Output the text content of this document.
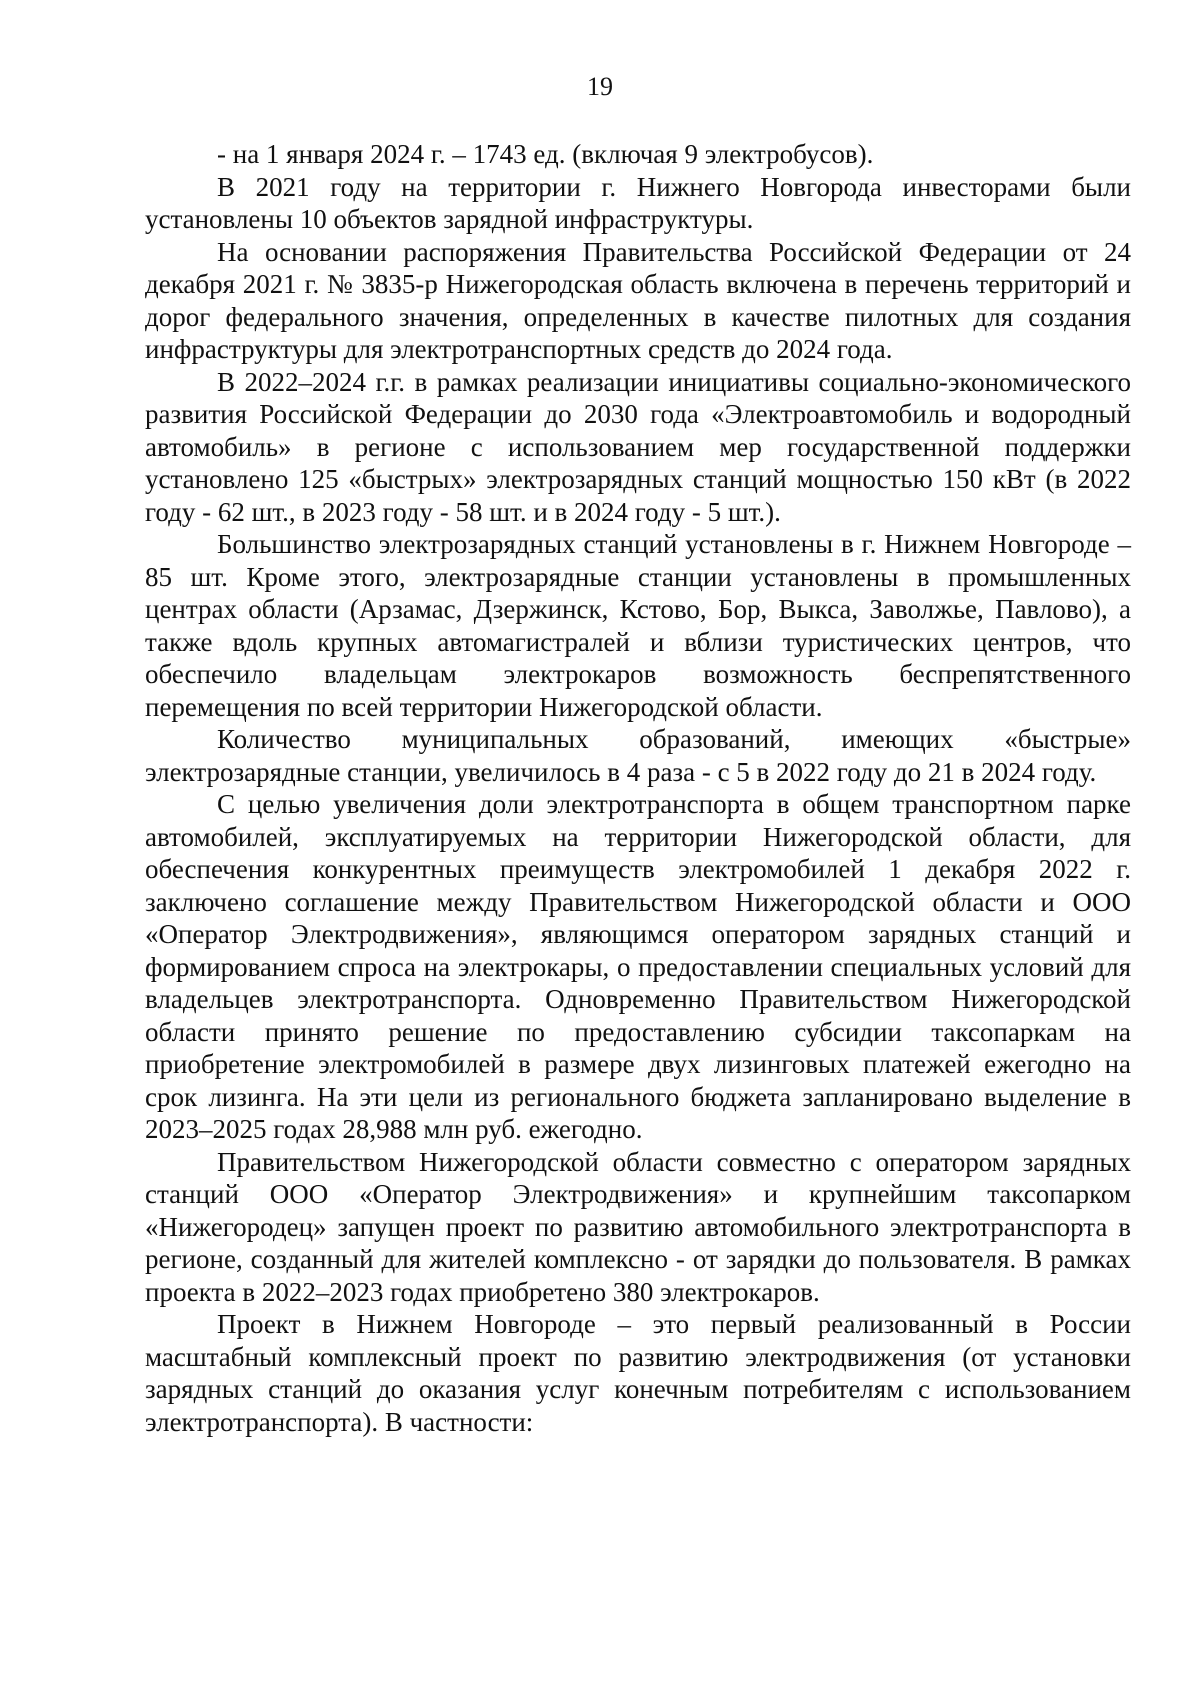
19

- на 1 января 2024 г. – 1743 ед. (включая 9 электробусов).

В 2021 году на территории г. Нижнего Новгорода инвесторами были установлены 10 объектов зарядной инфраструктуры.

На основании распоряжения Правительства Российской Федерации от 24 декабря 2021 г. № 3835-р Нижегородская область включена в перечень территорий и дорог федерального значения, определенных в качестве пилотных для создания инфраструктуры для электротранспортных средств до 2024 года.

В 2022–2024 г.г. в рамках реализации инициативы социально-экономического развития Российской Федерации до 2030 года «Электроавтомобиль и водородный автомобиль» в регионе с использованием мер государственной поддержки установлено 125 «быстрых» электрозарядных станций мощностью 150 кВт (в 2022 году - 62 шт., в 2023 году - 58 шт. и в 2024 году - 5 шт.).

Большинство электрозарядных станций установлены в г. Нижнем Новгороде – 85 шт. Кроме этого, электрозарядные станции установлены в промышленных центрах области (Арзамас, Дзержинск, Кстово, Бор, Выкса, Заволжье, Павлово), а также вдоль крупных автомагистралей и вблизи туристических центров, что обеспечило владельцам электрокаров возможность беспрепятственного перемещения по всей территории Нижегородской области.

Количество муниципальных образований, имеющих «быстрые» электрозарядные станции, увеличилось в 4 раза - с 5 в 2022 году до 21 в 2024 году.

С целью увеличения доли электротранспорта в общем транспортном парке автомобилей, эксплуатируемых на территории Нижегородской области, для обеспечения конкурентных преимуществ электромобилей 1 декабря 2022 г. заключено соглашение между Правительством Нижегородской области и ООО «Оператор Электродвижения», являющимся оператором зарядных станций и формированием спроса на электрокары, о предоставлении специальных условий для владельцев электротранспорта. Одновременно Правительством Нижегородской области принято решение по предоставлению субсидии таксопаркам на приобретение электромобилей в размере двух лизинговых платежей ежегодно на срок лизинга. На эти цели из регионального бюджета запланировано выделение в 2023–2025 годах 28,988 млн руб. ежегодно.

Правительством Нижегородской области совместно с оператором зарядных станций ООО «Оператор Электродвижения» и крупнейшим таксопарком «Нижегородец» запущен проект по развитию автомобильного электротранспорта в регионе, созданный для жителей комплексно - от зарядки до пользователя. В рамках проекта в 2022–2023 годах приобретено 380 электрокаров.

Проект в Нижнем Новгороде – это первый реализованный в России масштабный комплексный проект по развитию электродвижения (от установки зарядных станций до оказания услуг конечным потребителям с использованием электротранспорта). В частности:
